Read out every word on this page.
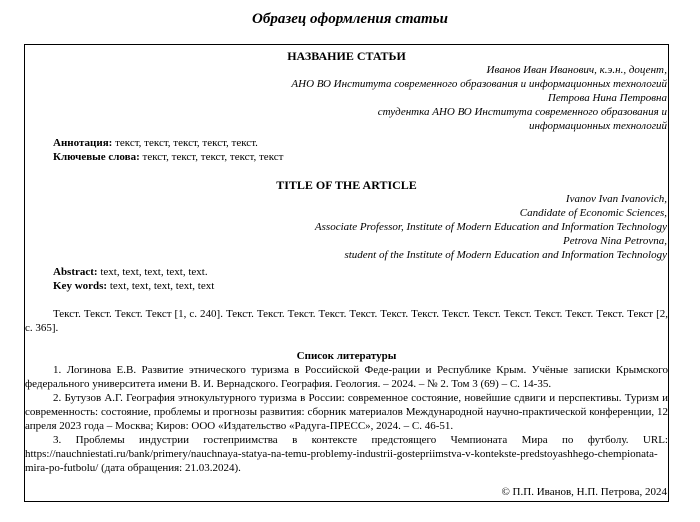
Образец оформления статьи
НАЗВАНИЕ СТАТЬИ
Иванов Иван Иванович, к.э.н., доцент,
АНО ВО Института современного образования и информационных технологий
Петрова Нина Петровна
студентка АНО ВО Института современного образования и
информационных технологий
Аннотация: текст, текст, текст, текст, текст.
Ключевые слова: текст, текст, текст, текст, текст
TITLE OF THE ARTICLE
Ivanov Ivan Ivanovich,
Candidate of Economic Sciences,
Associate Professor, Institute of Modern Education and Information Technology
Petrova Nina Petrovna,
student of the Institute of Modern Education and Information Technology
Abstract: text, text, text, text, text.
Key words: text, text, text, text, text
Текст. Текст. Текст. Текст [1, с. 240]. Текст. Текст. Текст. Текст. Текст. Текст. Текст. Текст. Текст. Текст. Текст. Текст. Текст. Текст [2, с. 365].
Список литературы
1. Логинова Е.В. Развитие этнического туризма в Российской Феде-рации и Республике Крым. Учёные записки Крымского федерального университета имени В. И. Вернадского. География. Геология. – 2024. – № 2. Том 3 (69) – С. 14-35.
2. Бутузов А.Г. География этнокультурного туризма в России: современное состояние, новейшие сдвиги и перспективы. Туризм и современность: состояние, проблемы и прогнозы развития: сборник материалов Международной научно-практической конференции, 12 апреля 2023 года – Москва; Киров: ООО «Издательство «Радуга-ПРЕСС», 2024. – С. 46-51.
3. Проблемы индустрии гостеприимства в контексте предстоящего Чемпионата Мира по футболу. URL: https://nauchniestati.ru/bank/primery/nauchnaya-statya-na-temu-problemy-industrii-gostepriimstva-v-kontekste-predstoyashhego-chempionata-mira-po-futbolu/ (дата обращения: 21.03.2024).
© П.П. Иванов, Н.П. Петрова, 2024
